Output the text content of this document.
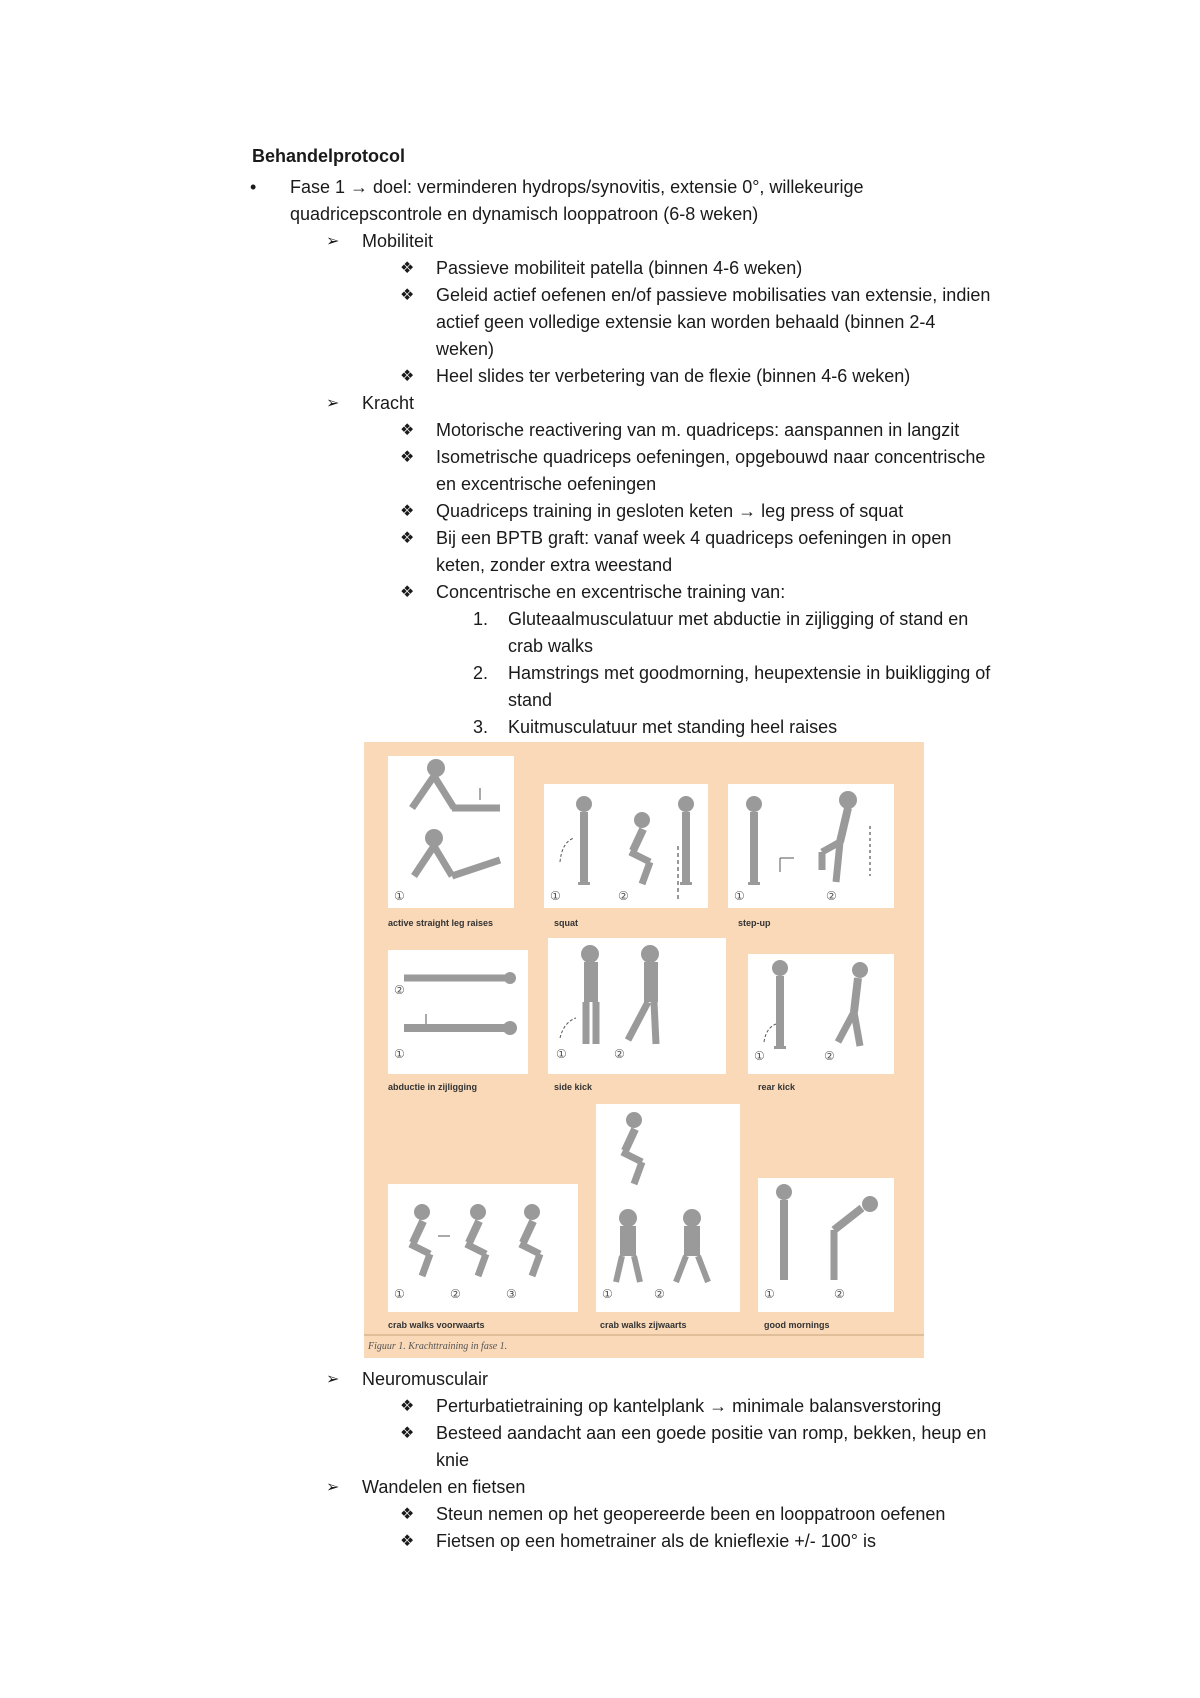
Behandelprotocol
• Fase 1 → doel: verminderen hydrops/synovitis, extensie 0°, willekeurige
quadricepscontrole en dynamisch looppatroon (6-8 weken)
➢ Mobiliteit
❖ Passieve mobiliteit patella (binnen 4-6 weken)
❖ Geleid actief oefenen en/of passieve mobilisaties van extensie, indien
actief geen volledige extensie kan worden behaald (binnen 2-4
weken)
❖ Heel slides ter verbetering van de flexie (binnen 4-6 weken)
➢ Kracht
❖ Motorische reactivering van m. quadriceps: aanspannen in langzit
❖ Isometrische quadriceps oefeningen, opgebouwd naar concentrische
en excentrische oefeningen
❖ Quadriceps training in gesloten keten → leg press of squat
❖ Bij een BPTB graft: vanaf week 4 quadriceps oefeningen in open
keten, zonder extra weestand
❖ Concentrische en excentrische training van:
1. Gluteaalmusculatuur met abductie in zijligging of stand en
crab walks
2. Hamstrings met goodmorning, heupextensie in buikligging of
stand
3. Kuitmusculatuur met standing heel raises
①	①	②	①	②
active straight leg raises	squat	step-up
②
①	①	②	①	②
abductie in zijligging	side kick	rear kick
①	②	③	①	②	①	②
crab walks voorwaarts	crab walks zijwaarts	good mornings
Figuur 1. Krachttraining in fase 1.
➢ Neuromusculair
❖ Perturbatietraining op kantelplank → minimale balansverstoring
❖ Besteed aandacht aan een goede positie van romp, bekken, heup en
knie
➢ Wandelen en fietsen
❖ Steun nemen op het geopereerde been en looppatroon oefenen
❖ Fietsen op een hometrainer als de knieflexie +/- 100° is
